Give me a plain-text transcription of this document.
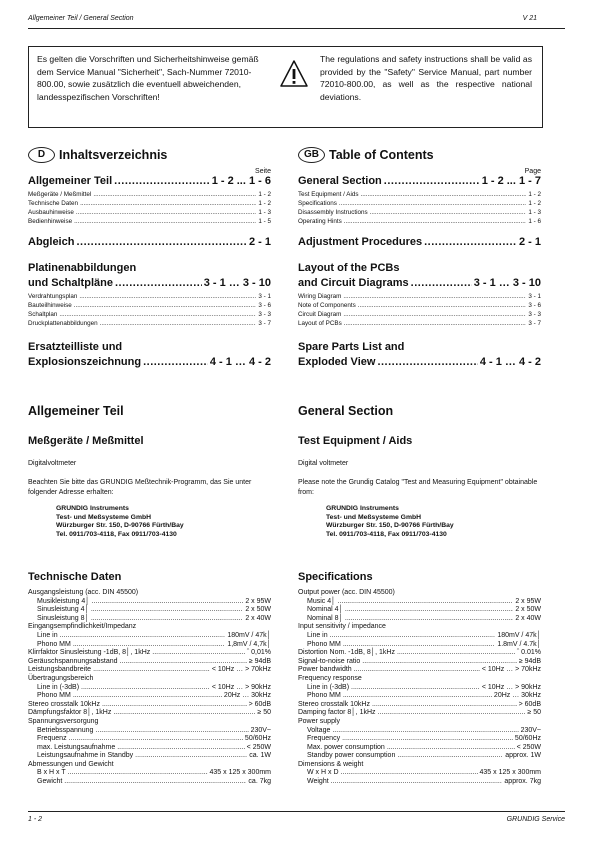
Allgemeiner Teil / General Section	V 21
Es gelten die Vorschriften und Sicherheitshinweise gemäß dem Service Manual "Sicherheit", Sach-Nummer 72010-800.00, sowie zusätzlich die eventuell abweichenden, landesspezifischen Vorschriften!
The regulations and safety instructions shall be valid as provided by the "Safety" Service Manual, part number 72010-800.00, as well as the respective national deviations.
D	Inhaltsverzeichnis
Seite
Allgemeiner Teil .....	1 - 2 ... 1 - 6
Meßgeräte / Meßmittel .....	1 - 2
Technische Daten .....	1 - 2
Ausbauhinweise .....	1 - 3
Bedienhinweise .....	1 - 5
Abgleich .....	2 - 1
Platinenabbildungen
und Schaltpläne .....	3 - 1 … 3 - 10
Verdrahtungsplan .....	3 - 1
Bauteilhinweise .....	3 - 6
Schaltplan .....	3 - 3
Druckplattenabbildungen .....	3 - 7
Ersatzteilliste und
Explosionszeichnung .....	4 - 1 … 4 - 2
GB Table of Contents
Page
General Section .....	1 - 2 ... 1 - 7
Test Equipment / Aids .....	1 - 2
Specifications .....	1 - 2
Disassembly Instructions .....	1 - 3
Operating Hints .....	1 - 6
Adjustment Procedures .....	2 - 1
Layout of the PCBs
and Circuit Diagrams .....	3 - 1 … 3 - 10
Wiring Diagram .....	3 - 1
Note of Components .....	3 - 6
Circuit Diagram .....	3 - 3
Layout of PCBs .....	3 - 7
Spare Parts List and
Exploded View .....	4 - 1 … 4 - 2
Allgemeiner Teil	General Section
Meßgeräte / Meßmittel	Test Equipment / Aids
Digitalvoltmeter	Digital voltmeter
Beachten Sie bitte das GRUNDIG Meßtechnik-Programm, das Sie unter folgender Adresse erhalten:
Please note the Grundig Catalog "Test and Measuring Equipment" obtainable from:
GRUNDIG Instruments
Test- und Meßsysteme GmbH
Würzburger Str. 150, D-90766 Fürth/Bay
Tel. 0911/703-4118, Fax 0911/703-4130
GRUNDIG Instruments
Test- und Meßsysteme GmbH
Würzburger Str. 150, D-90766 Fürth/Bay
Tel. 0911/703-4118, Fax 0911/703-4130
Technische Daten	Specifications
Ausgangsleistung (acc. DIN 45500)
Musikleistung 4│ .....	2 x 95W
Sinusleistung 4│ .....	2 x 50W
Sinusleistung 8│ .....	2 x 40W
Eingangsempfindlichkeit/Impedanz
Line in .....	180mV / 47k│
Phono MM .....	1,8mV / 4,7k│
Klirrfaktor Sinusleistung -1dB, 8│, 1kHz .....	ˆ 0,01%
Geräuschspannungsabstand .....	≥ 94dB
Leistungsbandbreite .....	< 10Hz … > 70kHz
Übertragungsbereich
Line in (-3dB) .....	< 10Hz … > 90kHz
Phono MM .....	20Hz … 30kHz
Stereo crosstalk 10kHz .....	> 60dB
Dämpfungsfaktor 8│, 1kHz .....	≥ 50
Spannungsversorgung
Betriebsspannung .....	230V~
Frequenz .....	50/60Hz
max. Leistungsaufnahme .....	< 250W
Leistungsaufnahme in Standby .....	ca. 1W
Abmessungen und Gewicht
B x H x T .....	435 x 125 x 300mm
Gewicht .....	ca. 7kg
Output power (acc. DIN 45500)
Music 4│ .....	2 x 95W
Nominal 4│ .....	2 x 50W
Nominal 8│ .....	2 x 40W
Input sensitivity / impedance
Line in .....	180mV / 47k│
Phono MM .....	1.8mV / 4.7k│
Distortion Nom. -1dB, 8│, 1kHz .....	ˆ 0.01%
Signal-to-noise ratio .....	≥ 94dB
Power bandwidth .....	< 10Hz … > 70kHz
Frequency response
Line in (-3dB) .....	< 10Hz … > 90kHz
Phono MM .....	20Hz … 30kHz
Stereo crosstalk 10kHz .....	> 60dB
Damping factor 8│, 1kHz .....	≥ 50
Power supply
Voltage .....	230V~
Frequency .....	50/60Hz
Max. power consumption .....	< 250W
Standby power consumption .....	approx. 1W
Dimensions & weight
W x H x D .....	435 x 125 x 300mm
Weight .....	approx. 7kg
1 - 2	GRUNDIG Service
